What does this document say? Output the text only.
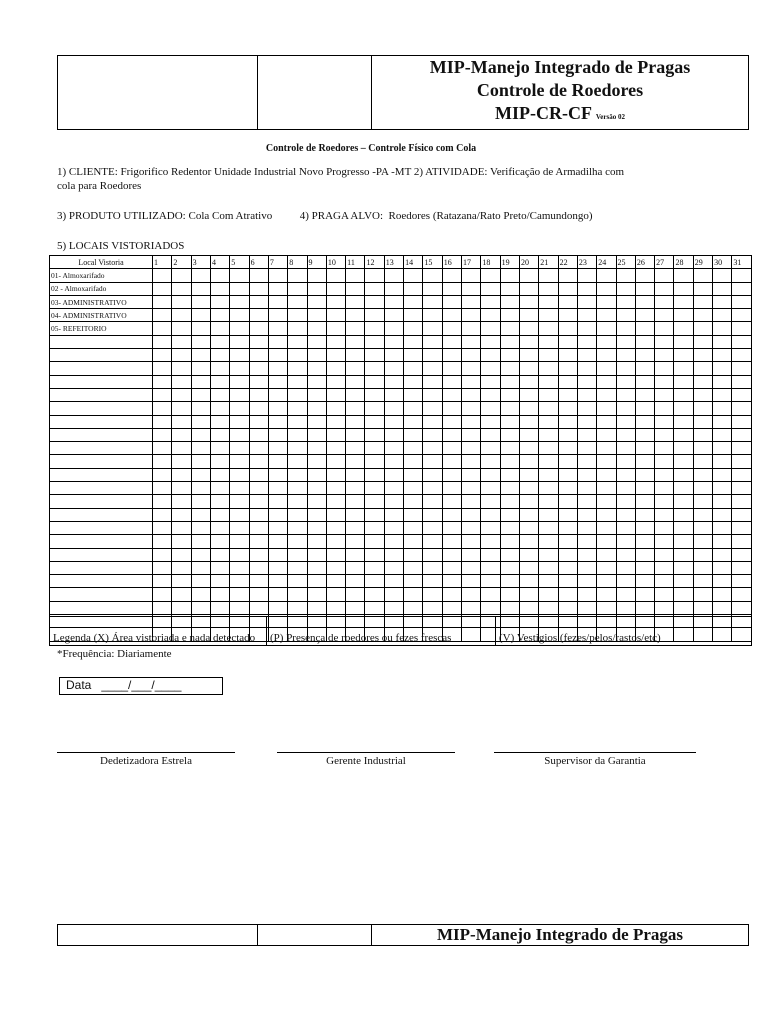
MIP-Manejo Integrado de Pragas
Controle de Roedores
MIP-CR-CF Versão 02
Controle de Roedores – Controle Físico com Cola
1) CLIENTE: Frigorifico Redentor Unidade Industrial Novo Progresso -PA -MT 2) ATIVIDADE: Verificação de Armadilha com
cola para Roedores
3) PRODUTO UTILIZADO: Cola Com Atrativo          4) PRAGA ALVO:  Roedores (Ratazana/Rato Preto/Camundongo)
5) LOCAIS VISTORIADOS
Local Vistoria	1	2	3	4	5	6	7	8	9	10	11	12	13	14	15	16	17	18	19	20	21	22	23	24	25	26	27	28	29	30	31
01- Almoxarifado																															
02 - Almoxarifado																															
03- ADMINISTRATIVO																															
04- ADMINISTRATIVO																															
05- REFEITORIO																															

Legenda (X) Área vistoriada e nada detectado	(P) Presença de roedores ou fezes frescas	(V) Vestigios (fezes/pelos/rastos/etc)
*Frequência: Diariamente
Data   ____/___/____
Dedetizadora Estrela	Gerente Industrial	Supervisor da Garantia
		MIP-Manejo Integrado de Pragas
